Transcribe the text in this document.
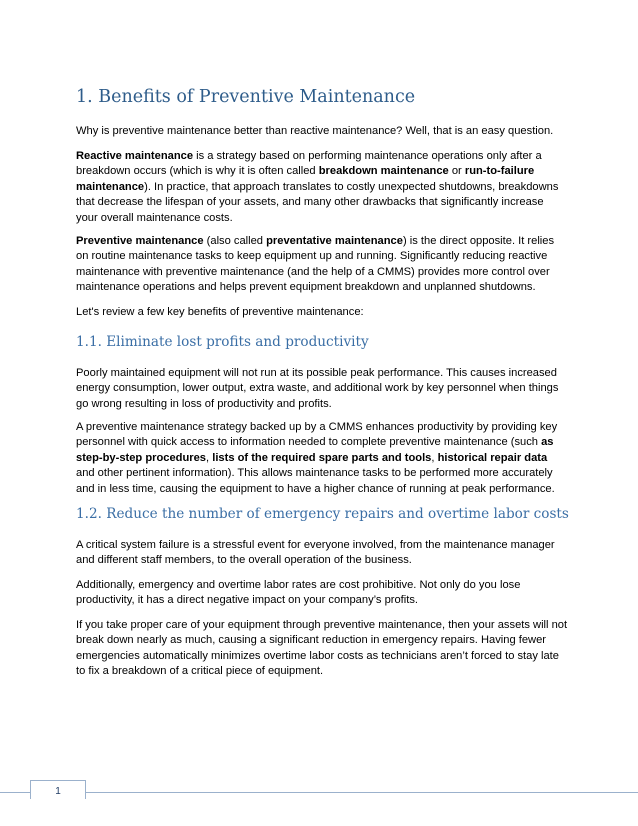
1. Benefits of Preventive Maintenance

Why is preventive maintenance better than reactive maintenance? Well, that is an easy question.

Reactive maintenance is a strategy based on performing maintenance operations only after a breakdown occurs (which is why it is often called breakdown maintenance or run-to-failure maintenance). In practice, that approach translates to costly unexpected shutdowns, breakdowns that decrease the lifespan of your assets, and many other drawbacks that significantly increase your overall maintenance costs.

Preventive maintenance (also called preventative maintenance) is the direct opposite. It relies on routine maintenance tasks to keep equipment up and running. Significantly reducing reactive maintenance with preventive maintenance (and the help of a CMMS) provides more control over maintenance operations and helps prevent equipment breakdown and unplanned shutdowns.

Let's review a few key benefits of preventive maintenance:

1.1. Eliminate lost profits and productivity

Poorly maintained equipment will not run at its possible peak performance. This causes increased energy consumption, lower output, extra waste, and additional work by key personnel when things go wrong resulting in loss of productivity and profits.

A preventive maintenance strategy backed up by a CMMS enhances productivity by providing key personnel with quick access to information needed to complete preventive maintenance (such as step-by-step procedures, lists of the required spare parts and tools, historical repair data and other pertinent information). This allows maintenance tasks to be performed more accurately and in less time, causing the equipment to have a higher chance of running at peak performance.

1.2. Reduce the number of emergency repairs and overtime labor costs

A critical system failure is a stressful event for everyone involved, from the maintenance manager and different staff members, to the overall operation of the business.

Additionally, emergency and overtime labor rates are cost prohibitive. Not only do you lose productivity, it has a direct negative impact on your company’s profits.

If you take proper care of your equipment through preventive maintenance, then your assets will not break down nearly as much, causing a significant reduction in emergency repairs. Having fewer emergencies automatically minimizes overtime labor costs as technicians aren’t forced to stay late to fix a breakdown of a critical piece of equipment.

1
